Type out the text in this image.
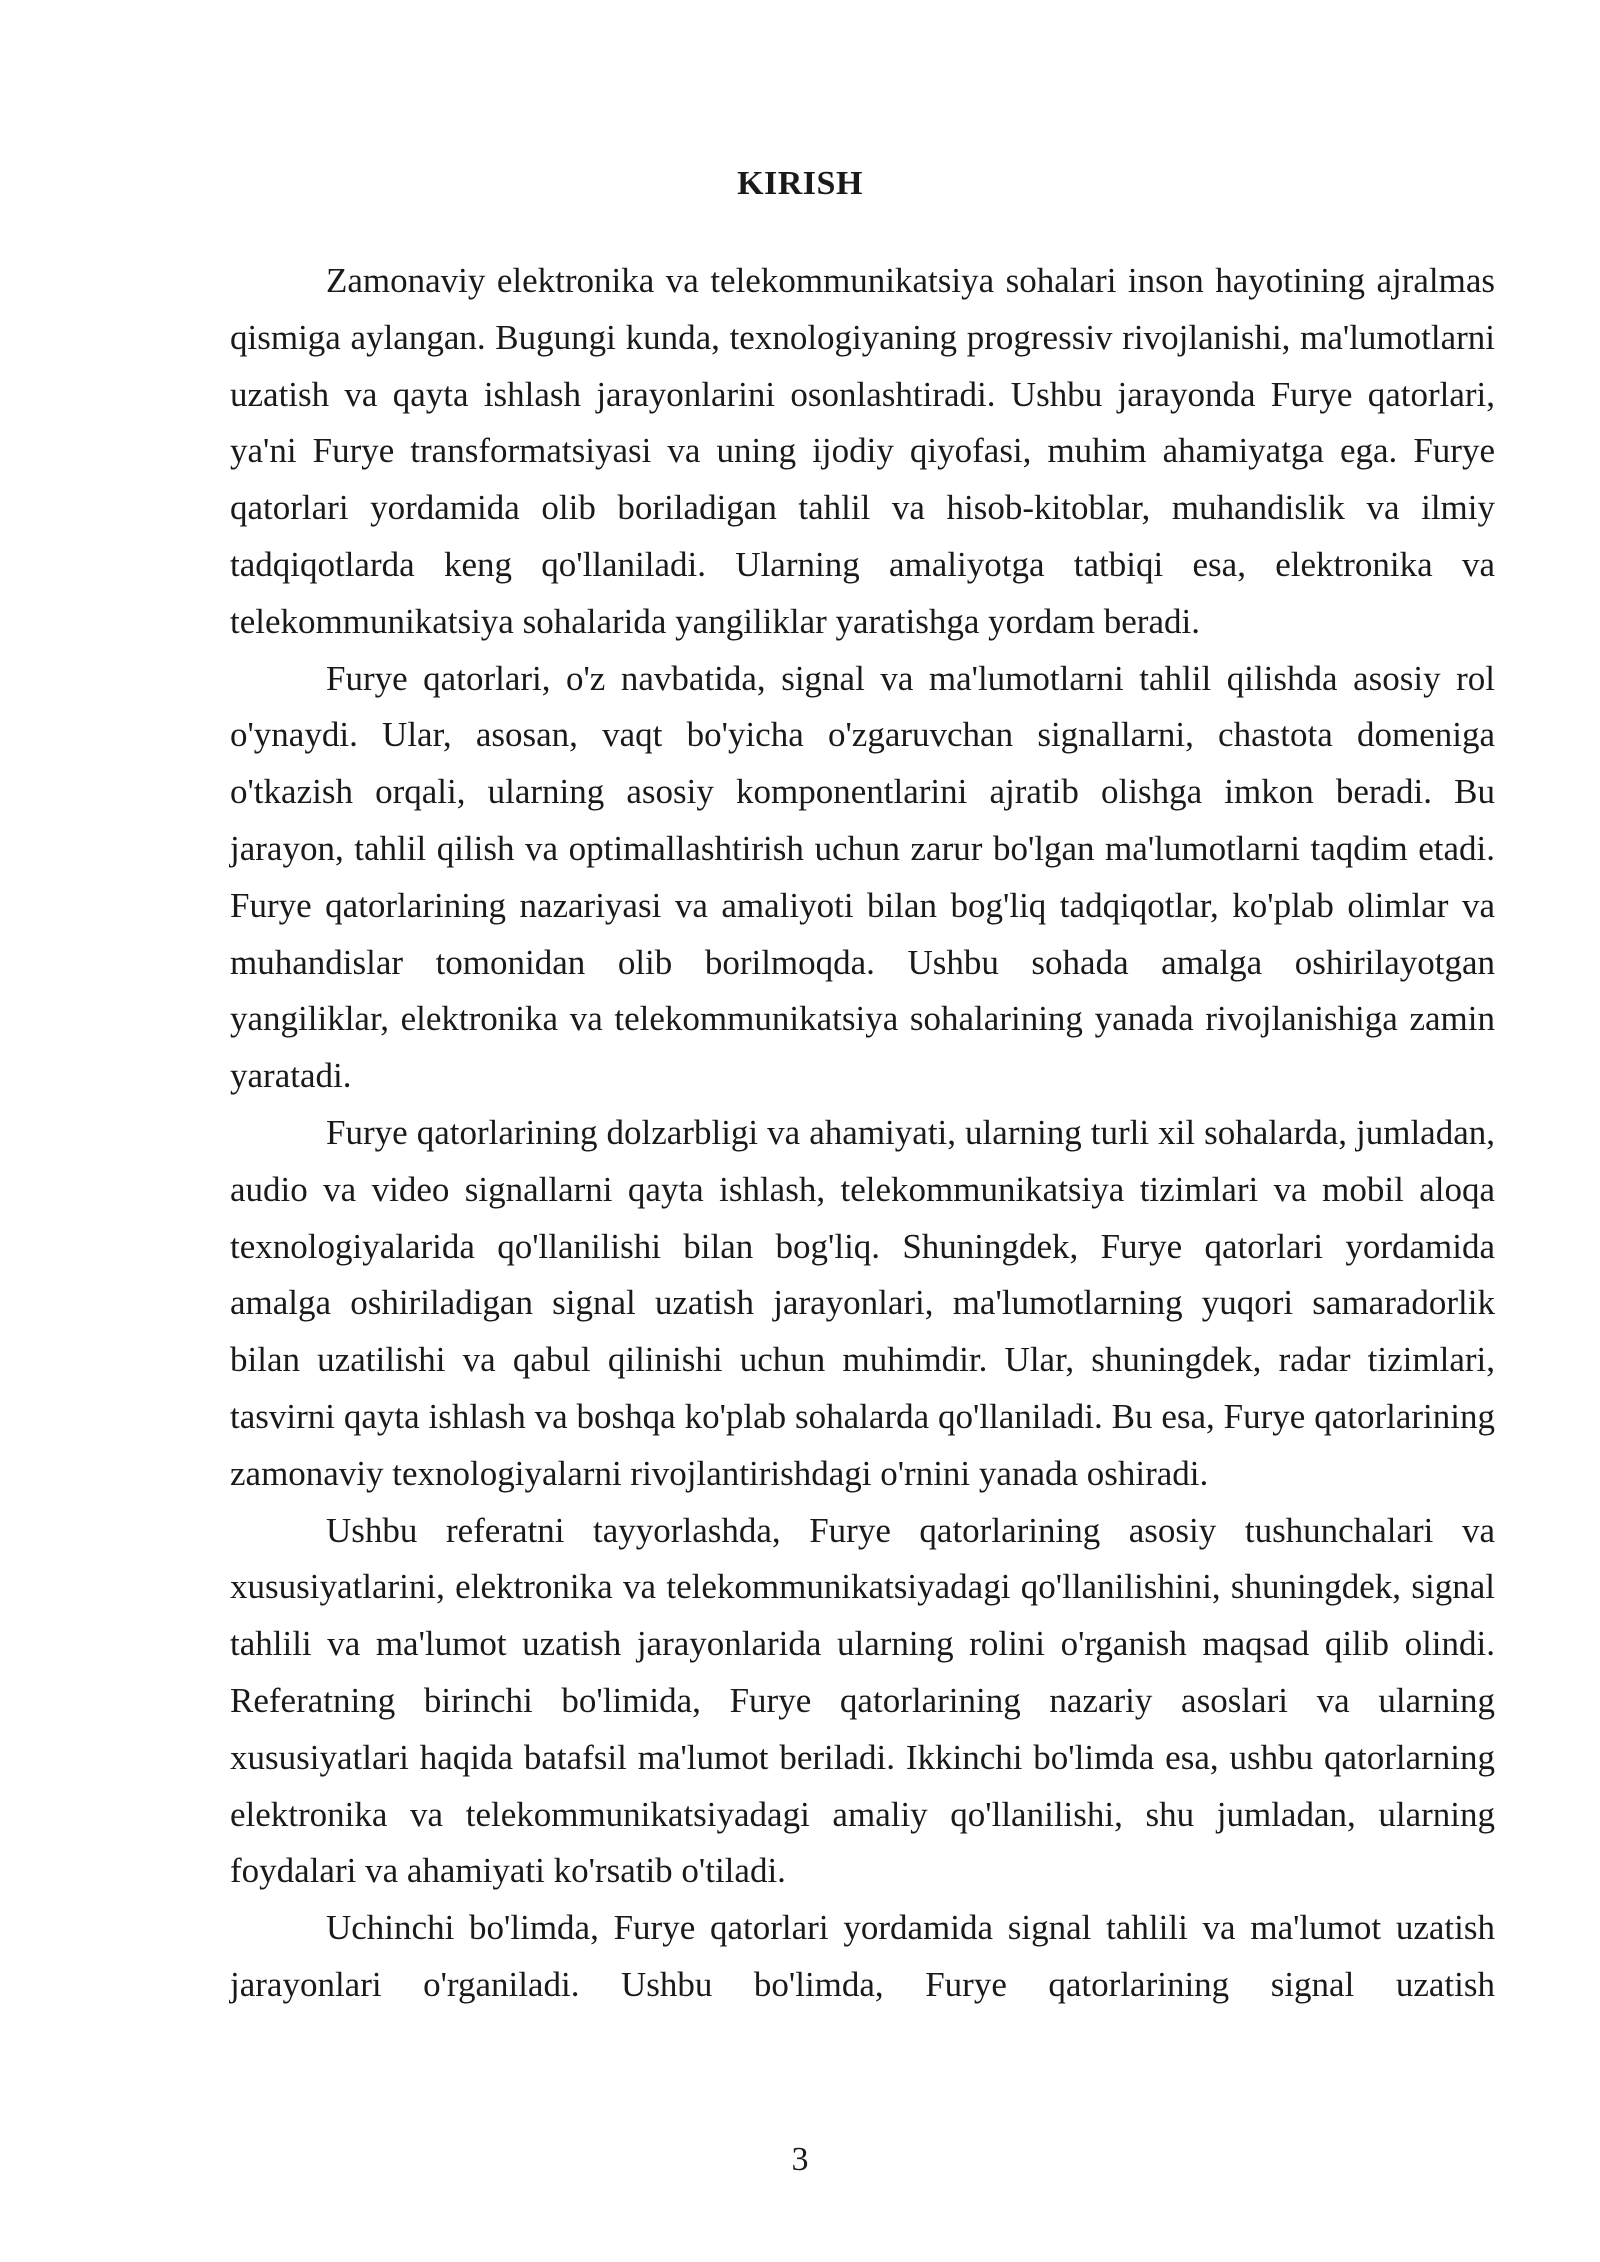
KIRISH

Zamonaviy elektronika va telekommunikatsiya sohalari inson hayotining ajralmas qismiga aylangan. Bugungi kunda, texnologiyaning progressiv rivojlanishi, ma'lumotlarni uzatish va qayta ishlash jarayonlarini osonlashtiradi. Ushbu jarayonda Furye qatorlari, ya'ni Furye transformatsiyasi va uning ijodiy qiyofasi, muhim ahamiyatga ega. Furye qatorlari yordamida olib boriladigan tahlil va hisob-kitoblar, muhandislik va ilmiy tadqiqotlarda keng qo'llaniladi. Ularning amaliyotga tatbiqi esa, elektronika va telekommunikatsiya sohalarida yangiliklar yaratishga yordam beradi.

Furye qatorlari, o'z navbatida, signal va ma'lumotlarni tahlil qilishda asosiy rol o'ynaydi. Ular, asosan, vaqt bo'yicha o'zgaruvchan signallarni, chastota domeniga o'tkazish orqali, ularning asosiy komponentlarini ajratib olishga imkon beradi. Bu jarayon, tahlil qilish va optimallashtirish uchun zarur bo'lgan ma'lumotlarni taqdim etadi. Furye qatorlarining nazariyasi va amaliyoti bilan bog'liq tadqiqotlar, ko'plab olimlar va muhandislar tomonidan olib borilmoqda. Ushbu sohada amalga oshirilayotgan yangiliklar, elektronika va telekommunikatsiya sohalarining yanada rivojlanishiga zamin yaratadi.

Furye qatorlarining dolzarbligi va ahamiyati, ularning turli xil sohalarda, jumladan, audio va video signallarni qayta ishlash, telekommunikatsiya tizimlari va mobil aloqa texnologiyalarida qo'llanilishi bilan bog'liq. Shuningdek, Furye qatorlari yordamida amalga oshiriladigan signal uzatish jarayonlari, ma'lumotlarning yuqori samaradorlik bilan uzatilishi va qabul qilinishi uchun muhimdir. Ular, shuningdek, radar tizimlari, tasvirni qayta ishlash va boshqa ko'plab sohalarda qo'llaniladi. Bu esa, Furye qatorlarining zamonaviy texnologiyalarni rivojlantirishdagi o'rnini yanada oshiradi.

Ushbu referatni tayyorlashda, Furye qatorlarining asosiy tushunchalari va xususiyatlarini, elektronika va telekommunikatsiyadagi qo'llanilishini, shuningdek, signal tahlili va ma'lumot uzatish jarayonlarida ularning rolini o'rganish maqsad qilib olindi. Referatning birinchi bo'limida, Furye qatorlarining nazariy asoslari va ularning xususiyatlari haqida batafsil ma'lumot beriladi. Ikkinchi bo'limda esa, ushbu qatorlarning elektronika va telekommunikatsiyadagi amaliy qo'llanilishi, shu jumladan, ularning foydalari va ahamiyati ko'rsatib o'tiladi.

Uchinchi bo'limda, Furye qatorlari yordamida signal tahlili va ma'lumot uzatish jarayonlari o'rganiladi. Ushbu bo'limda, Furye qatorlarining signal uzatish

3
